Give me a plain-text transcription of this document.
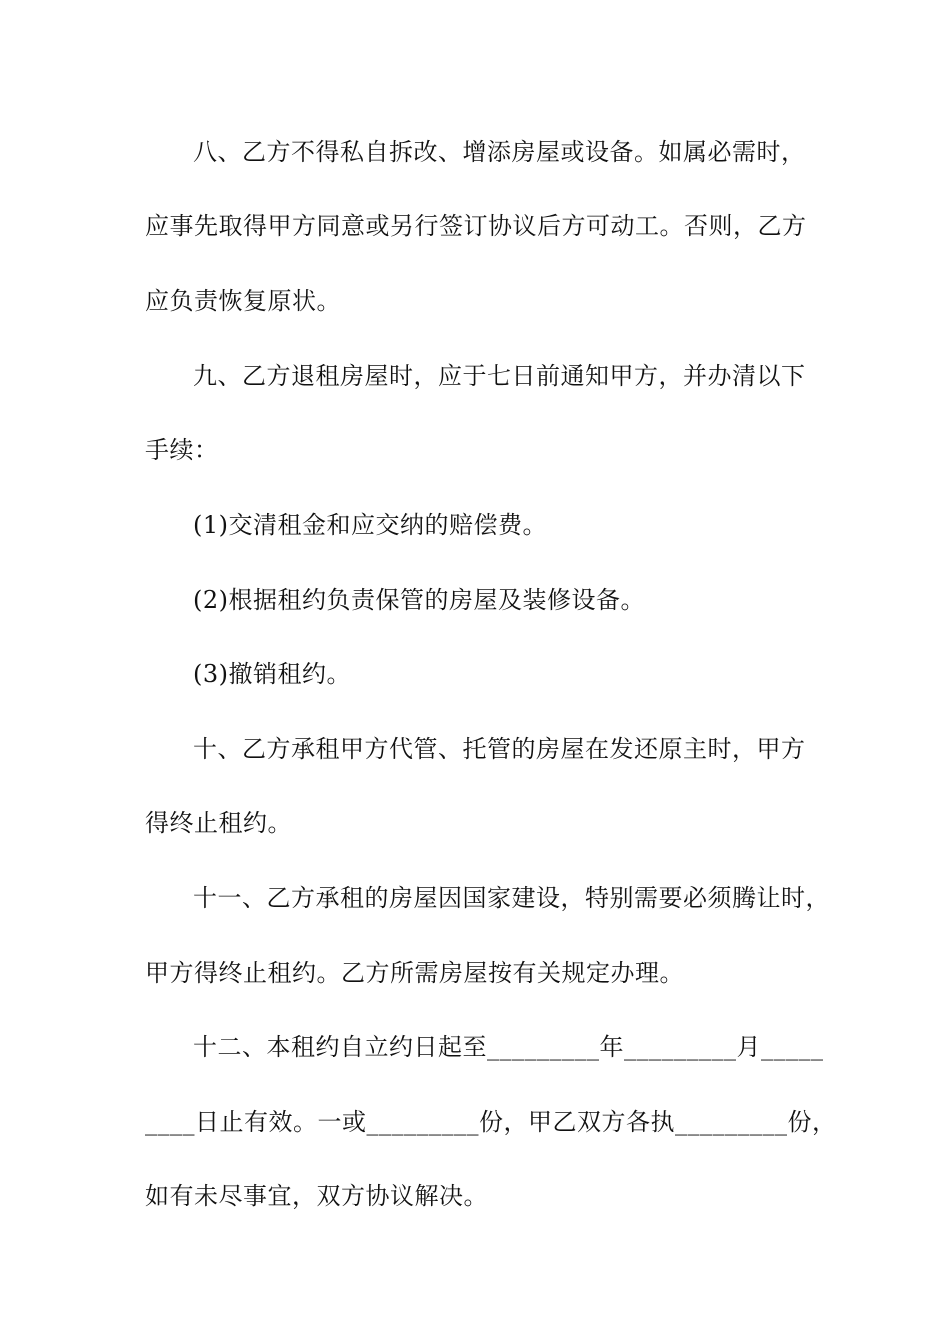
八、乙方不得私自拆改、增添房屋或设备。如属必需时，
应事先取得甲方同意或另行签订协议后方可动工。否则，乙方
应负责恢复原状。
九、乙方退租房屋时，应于七日前通知甲方，并办清以下
手续：
(1)交清租金和应交纳的赔偿费。
(2)根据租约负责保管的房屋及装修设备。
(3)撤销租约。
十、乙方承租甲方代管、托管的房屋在发还原主时，甲方
得终止租约。
十一、乙方承租的房屋因国家建设，特别需要必须腾让时，
甲方得终止租约。乙方所需房屋按有关规定办理。
十二、本租约自立约日起至_________年_________月_____
____日止有效。一或_________份，甲乙双方各执_________份，
如有未尽事宜，双方协议解决。
